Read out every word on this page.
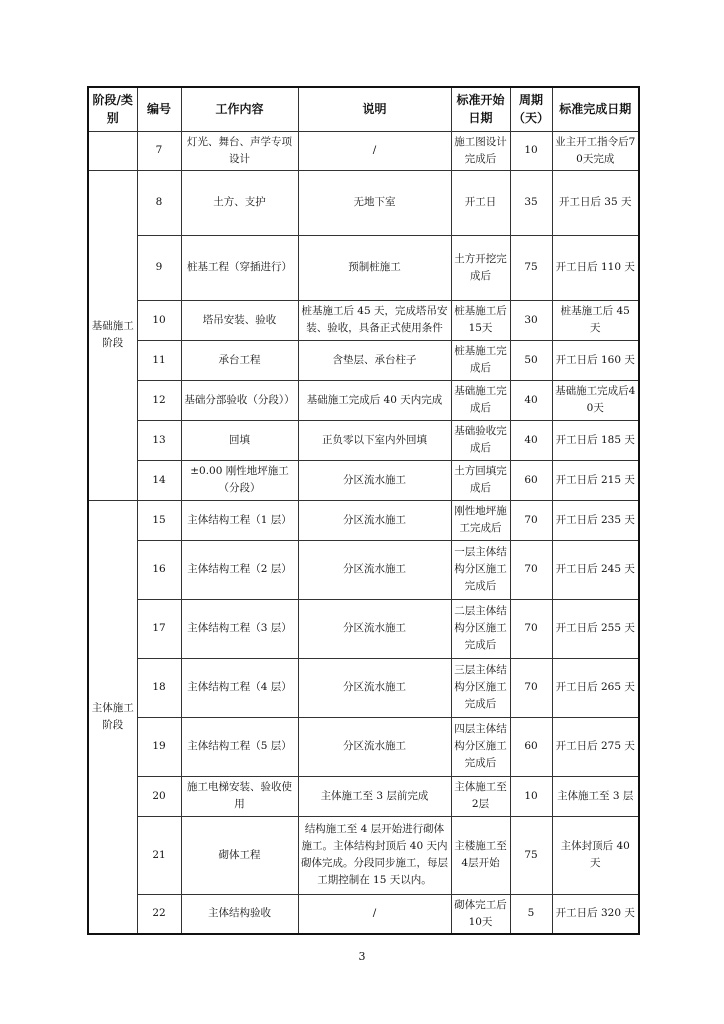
阶段/类别	编号	工作内容	说明	标准开始日期	周期（天）	标准完成日期
	7	灯光、舞台、声学专项设计	/	施工图设计完成后	10	业主开工指令后70天完成
基础施工阶段	8	土方、支护	无地下室	开工日	35	开工日后 35 天
	9	桩基工程（穿插进行）	预制桩施工	土方开挖完成后	75	开工日后 110 天
	10	塔吊安装、验收	桩基施工后 45 天，完成塔吊安装、验收，具备正式使用条件	桩基施工后15天	30	桩基施工后 45 天
	11	承台工程	含垫层、承台柱子	桩基施工完成后	50	开工日后 160 天
	12	基础分部验收（分段））	基础施工完成后 40 天内完成	基础施工完成后	40	基础施工完成后40天
	13	回填	正负零以下室内外回填	基础验收完成后	40	开工日后 185 天
	14	±0.00 刚性地坪施工（分段）	分区流水施工	土方回填完成后	60	开工日后 215 天
主体施工阶段	15	主体结构工程（1 层）	分区流水施工	刚性地坪施工完成后	70	开工日后 235 天
	16	主体结构工程（2 层）	分区流水施工	一层主体结构分区施工完成后	70	开工日后 245 天
	17	主体结构工程（3 层）	分区流水施工	二层主体结构分区施工完成后	70	开工日后 255 天
	18	主体结构工程（4 层）	分区流水施工	三层主体结构分区施工完成后	70	开工日后 265 天
	19	主体结构工程（5 层）	分区流水施工	四层主体结构分区施工完成后	60	开工日后 275 天
	20	施工电梯安装、验收使用	主体施工至 3 层前完成	主体施工至2层	10	主体施工至 3 层
	21	砌体工程	结构施工至 4 层开始进行砌体施工。主体结构封顶后 40 天内砌体完成。分段同步施工，每层工期控制在 15 天以内。	主楼施工至4层开始	75	主体封顶后 40 天
	22	主体结构验收	/	砌体完工后10天	5	开工日后 320 天
3
